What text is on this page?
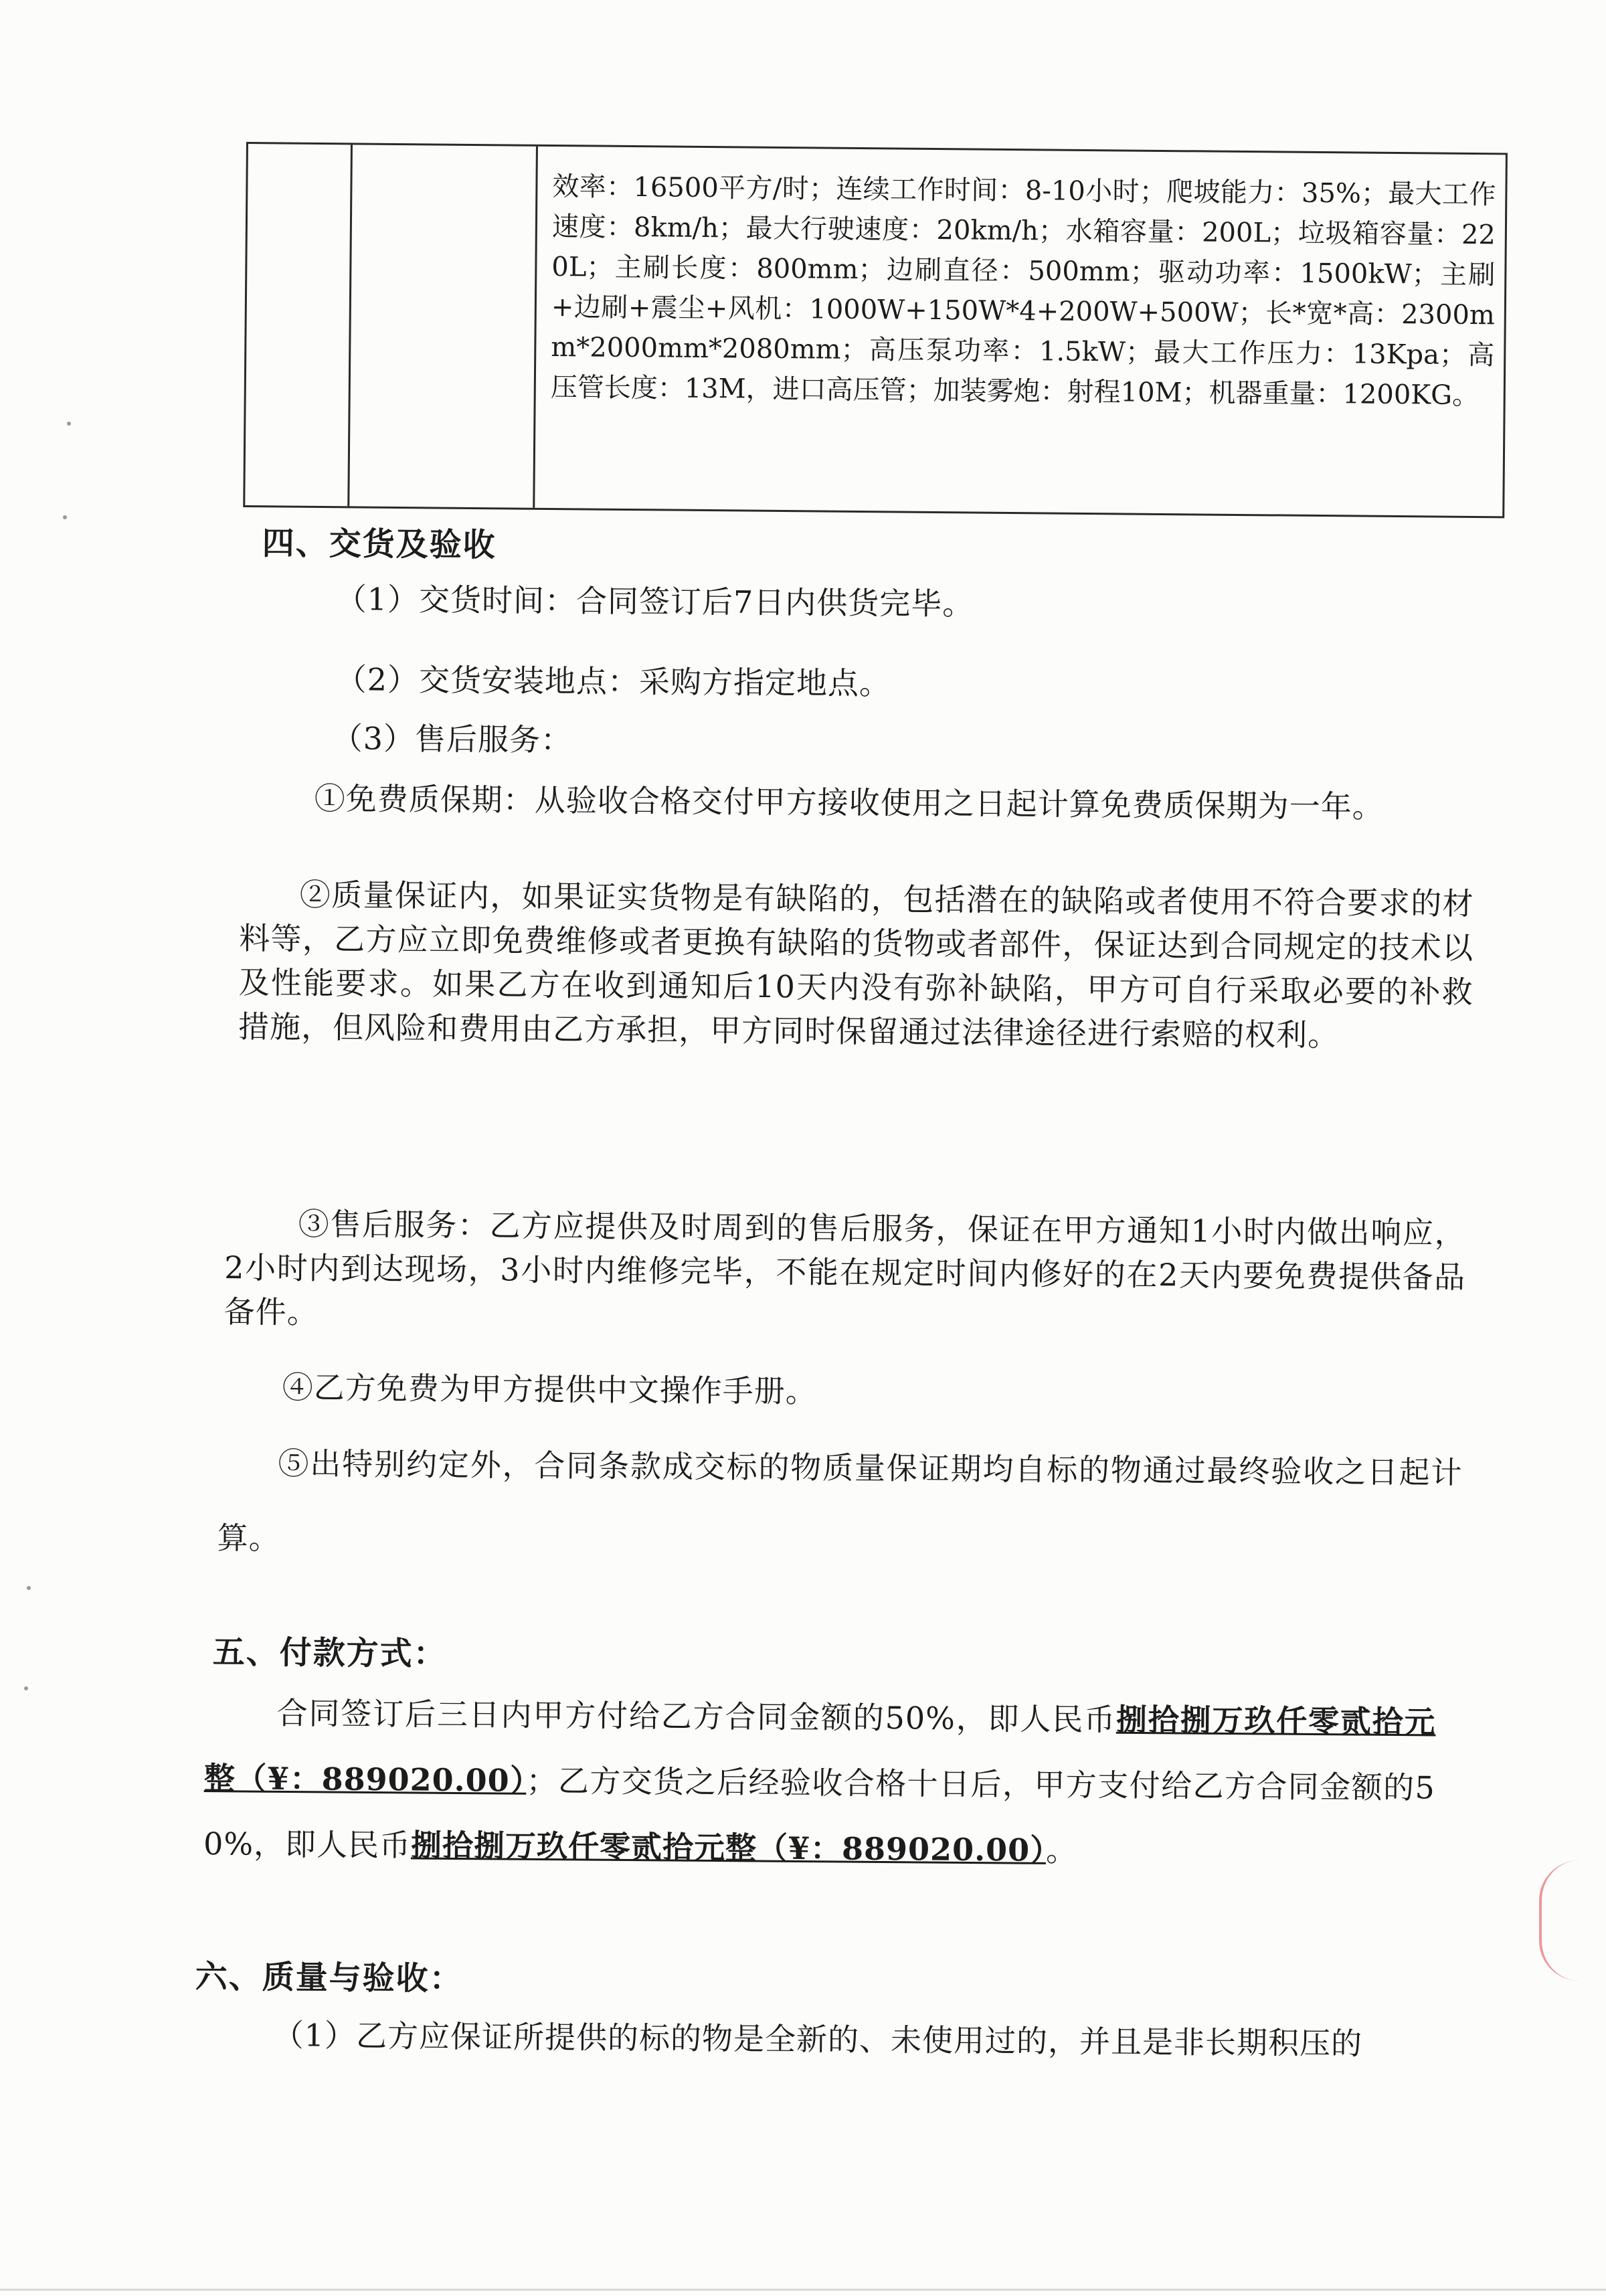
效率：16500平方/时；连续工作时间：8-10小时；爬坡能力：35%；最大工作速度：8km/h；最大行驶速度：20km/h；水箱容量：200L；垃圾箱容量：220L；主刷长度：800mm；边刷直径：500mm；驱动功率：1500kW；主刷+边刷+震尘+风机：1000W+150W*4+200W+500W；长*宽*高：2300mm*2000mm*2080mm；高压泵功率：1.5kW；最大工作压力：13Kpa；高压管长度：13M，进口高压管；加装雾炮：射程10M；机器重量：1200KG。
四、交货及验收
（1）交货时间：合同签订后7日内供货完毕。
（2）交货安装地点：采购方指定地点。
（3）售后服务：
①免费质保期：从验收合格交付甲方接收使用之日起计算免费质保期为一年。
②质量保证内，如果证实货物是有缺陷的，包括潜在的缺陷或者使用不符合要求的材料等，乙方应立即免费维修或者更换有缺陷的货物或者部件，保证达到合同规定的技术以及性能要求。如果乙方在收到通知后10天内没有弥补缺陷，甲方可自行采取必要的补救措施，但风险和费用由乙方承担，甲方同时保留通过法律途径进行索赔的权利。
③售后服务：乙方应提供及时周到的售后服务，保证在甲方通知1小时内做出响应，2小时内到达现场，3小时内维修完毕，不能在规定时间内修好的在2天内要免费提供备品备件。
④乙方免费为甲方提供中文操作手册。
⑤出特别约定外，合同条款成交标的物质量保证期均自标的物通过最终验收之日起计算。
五、付款方式：
合同签订后三日内甲方付给乙方合同金额的50%，即人民币捌拾捌万玖仟零贰拾元整（¥：889020.00）；乙方交货之后经验收合格十日后，甲方支付给乙方合同金额的50%，即人民币捌拾捌万玖仟零贰拾元整（¥：889020.00）。
六、质量与验收：
（1）乙方应保证所提供的标的物是全新的、未使用过的，并且是非长期积压的
